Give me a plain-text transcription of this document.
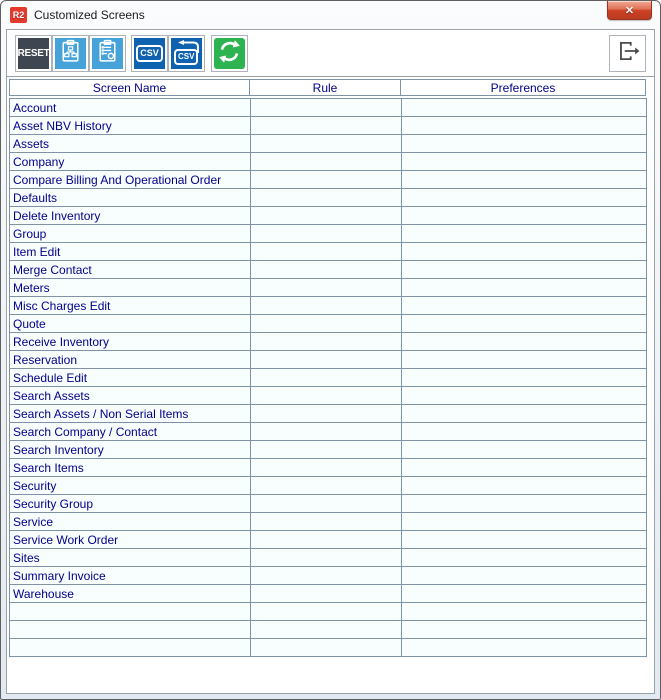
R2 Customized Screens	✕
RESET	CSV	CSV
Screen Name	Rule	Preferences
Account		
Asset NBV History		
Assets		
Company		
Compare Billing And Operational Order		
Defaults		
Delete Inventory		
Group		
Item Edit		
Merge Contact		
Meters		
Misc Charges Edit		
Quote		
Receive Inventory		
Reservation		
Schedule Edit		
Search Assets		
Search Assets / Non Serial Items		
Search Company / Contact		
Search Inventory		
Search Items		
Security		
Security Group		
Service		
Service Work Order		
Sites		
Summary Invoice		
Warehouse		
